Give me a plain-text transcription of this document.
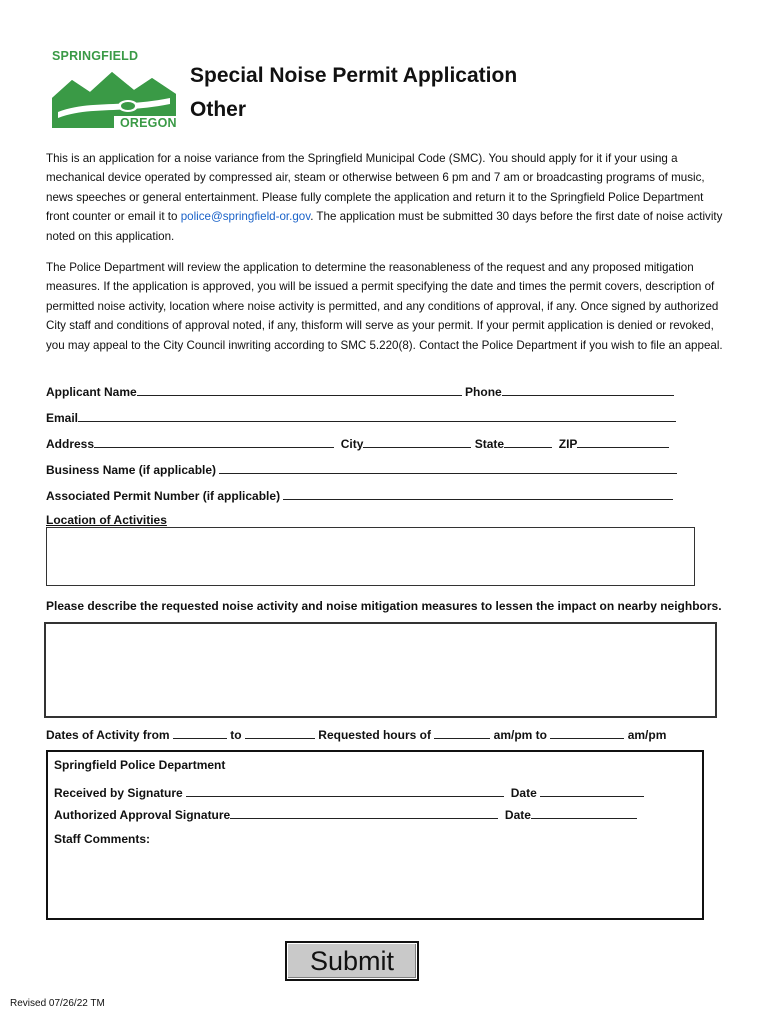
SPRINGFIELD
OREGON
Special Noise Permit Application
Other
This is an application for a noise variance from the Springfield Municipal Code (SMC). You should apply for it if your using a mechanical device operated by compressed air, steam or otherwise between 6 pm and 7 am or broadcasting programs of music, news speeches or general entertainment. Please fully complete the application and return it to the Springfield Police Department front counter or email it to police@springfield-or.gov. The application must be submitted 30 days before the first date of noise activity noted on this application.
The Police Department will review the application to determine the reasonableness of the request and any proposed mitigation measures. If the application is approved, you will be issued a permit specifying the date and times the permit covers, description of permitted noise activity, location where noise activity is permitted, and any conditions of approval, if any. Once signed by authorized City staff and conditions of approval noted, if any, thisform will serve as your permit. If your permit application is denied or revoked, you may appeal to the City Council inwriting according to SMC 5.220(8). Contact the Police Department if you wish to file an appeal.
Applicant Name	Phone
Email
Address	City	State	ZIP
Business Name (if applicable)
Associated Permit Number (if applicable)
Location of Activities
Please describe the requested noise activity and noise mitigation measures to lessen the impact on nearby neighbors.
Dates of Activity from	to	Requested hours of	am/pm to	am/pm
Springfield Police Department
Received by Signature	Date
Authorized Approval Signature	Date
Staff Comments:
Submit
Revised 07/26/22 TM
